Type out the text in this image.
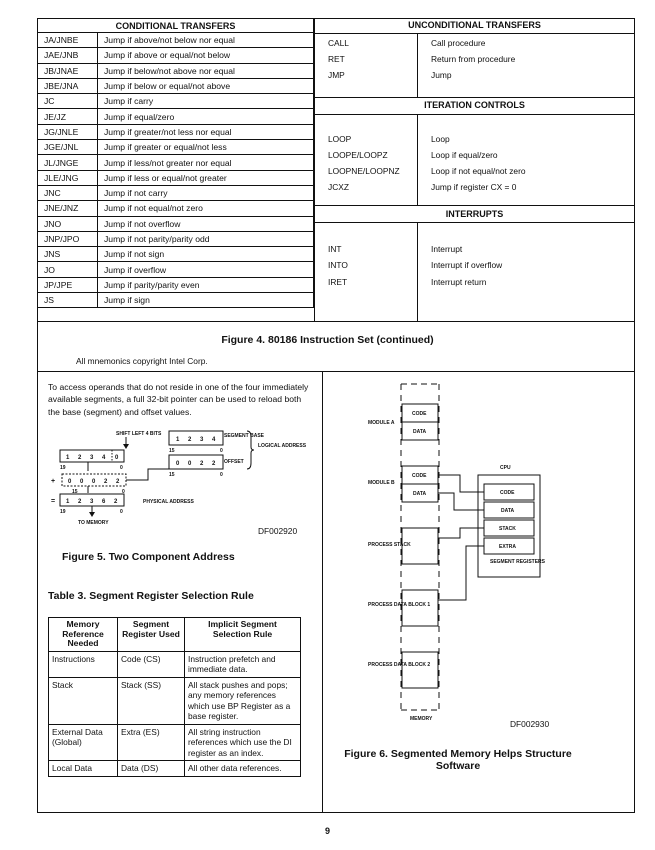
CONDITIONAL TRANSFERS	
JA/JNBE	Jump if above/not below nor equal
JAE/JNB	Jump if above or equal/not below
JB/JNAE	Jump if below/not above nor equal
JBE/JNA	Jump if below or equal/not above
JC	Jump if carry
JE/JZ	Jump if equal/zero
JG/JNLE	Jump if greater/not less nor equal
JGE/JNL	Jump if greater or equal/not less
JL/JNGE	Jump if less/not greater nor equal
JLE/JNG	Jump if less or equal/not greater
JNC	Jump if not carry
JNE/JNZ	Jump if not equal/not zero
JNO	Jump if not overflow
JNP/JPO	Jump if not parity/parity odd
JNS	Jump if not sign
JO	Jump if overflow
JP/JPE	Jump if parity/parity even
JS	Jump if sign
UNCONDITIONAL TRANSFERS
ITERATION CONTROLS
INTERRUPTS
CALL	Call procedure
RET	Return from procedure
JMP	Jump
LOOP	Loop
LOOPE/LOOPZ	Loop if equal/zero
LOOPNE/LOOPNZ	Loop if not equal/not zero
JCXZ	Jump if register CX = 0
INT	Interrupt
INTO	Interrupt if overflow
IRET	Interrupt return
Figure 4. 80186 Instruction Set (continued)
All mnemonics copyright Intel Corp.
To access operands that do not reside in one of the four immediately available segments, a full 32-bit pointer can be used to reload both the base (segment) and offset values.
SHIFT LEFT 4 BITS
1 2 3 4
SEGMENT BASE
15	0
0 0 2 2 OFFSET
15	0
LOGICAL ADDRESS
1 2 3 4 0
19	0
+ 0 0 0 2 2
15	0
= 1 2 3 6 2	PHYSICAL ADDRESS
19	0
TO MEMORY
DF002920
Figure 5. Two Component Address
Table 3. Segment Register Selection Rule
Memory Reference Needed	Segment Register Used	Implicit Segment Selection Rule
Instructions	Code (CS)	Instruction prefetch and immediate data.
Stack	Stack (SS)	All stack pushes and pops; any memory references which use BP Register as a base register.
External Data (Global)	Extra (ES)	All string instruction references which use the DI register as an index.
Local Data	Data (DS)	All other data references.
CODE
DATA
MODULE A
CODE
DATA
MODULE B
PROCESS STACK
PROCESS DATA BLOCK 1
PROCESS DATA BLOCK 2
MEMORY
CPU
CODE
DATA
STACK
EXTRA
SEGMENT REGISTERS
DF002930
Figure 6. Segmented Memory Helps Structure Software
9
